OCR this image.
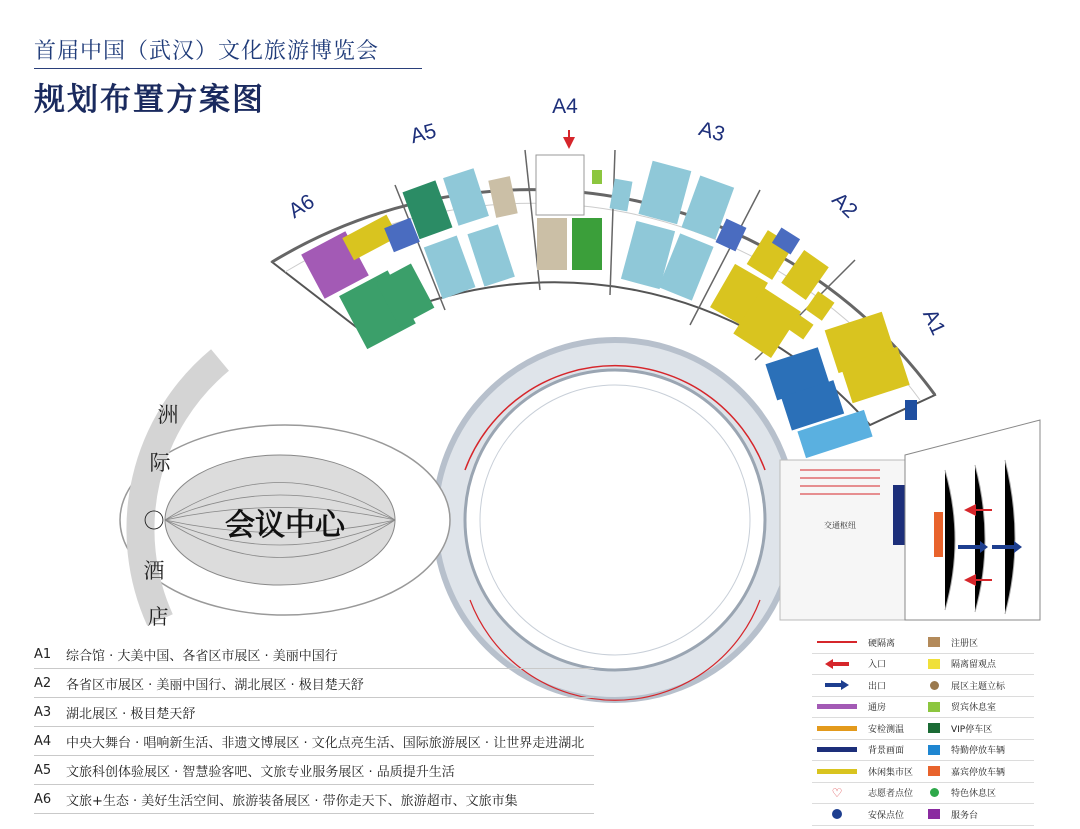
首届中国（武汉）文化旅游博览会
规划布置方案图
会议中心
洲
际
〇
酒
店
交通枢纽
A4
A3
A2
A1
A5
A6
A1	综合馆 · 大美中国、各省区市展区 · 美丽中国行
A2	各省区市展区 · 美丽中国行、湖北展区 · 极目楚天舒
A3	湖北展区 · 极目楚天舒
A4	中央大舞台 · 唱响新生活、非遗文博展区 · 文化点亮生活、国际旅游展区 · 让世界走进湖北
A5	文旅科创体验展区 · 智慧验客吧、文旅专业服务展区 · 品质提升生活
A6	文旅+生态 · 美好生活空间、旅游装备展区 · 带你走天下、旅游超市、文旅市集
硬隔离	注册区
入口	隔离留观点
出口	展区主题立标
通房	贸宾休息室
安检测温	VIP停车区
背景画面	特勤停放车辆
休闲集市区	嘉宾停放车辆
♡	志愿者点位	特色休息区
安保点位	服务台
